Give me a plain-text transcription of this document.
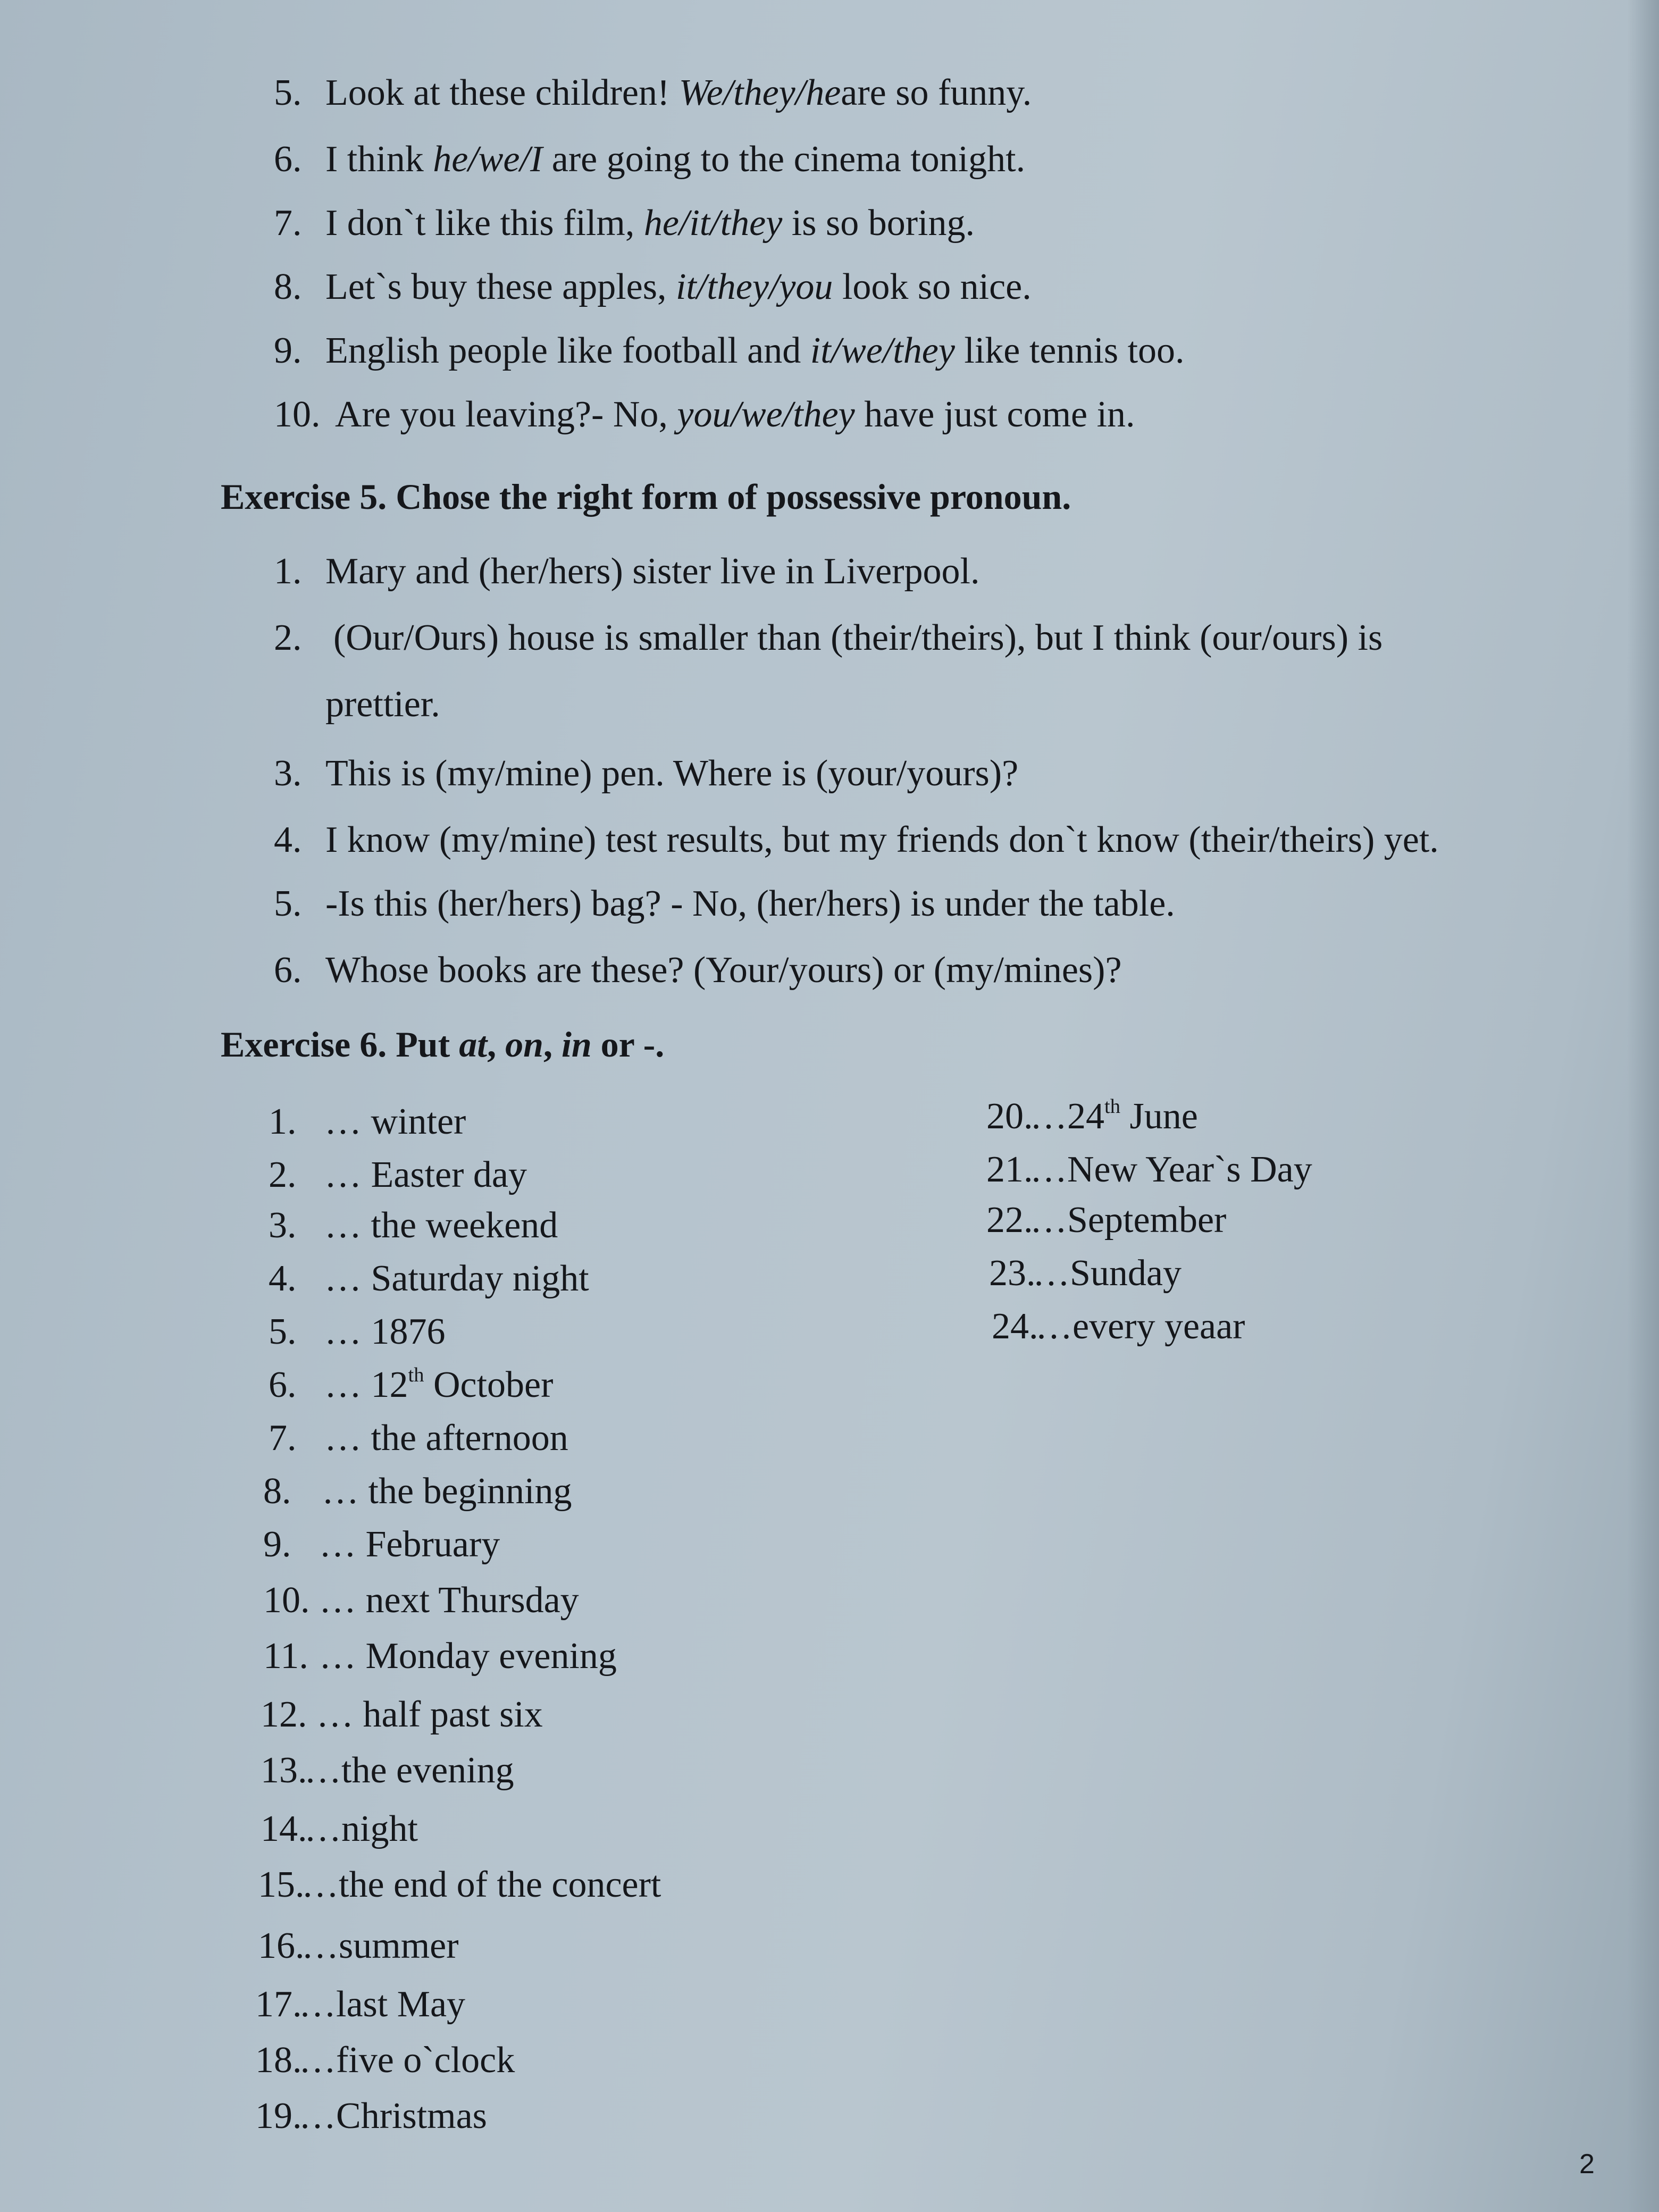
5. Look at these children! We/they/heare so funny.
6. I think he/we/I are going to the cinema tonight.
7. I don`t like this film, he/it/they is so boring.
8. Let`s buy these apples, it/they/you look so nice.
9. English people like football and it/we/they like tennis too.
10. Are you leaving?- No, you/we/they have just come in.
Exercise 5. Chose the right form of possessive pronoun.
1. Mary and (her/hers) sister live in Liverpool.
2. (Our/Ours) house is smaller than (their/theirs), but I think (our/ours) is
prettier.
3. This is (my/mine) pen. Where is (your/yours)?
4. I know (my/mine) test results, but my friends don`t know (their/theirs) yet.
5. -Is this (her/hers) bag? - No, (her/hers) is under the table.
6. Whose books are these? (Your/yours) or (my/mines)?
Exercise 6. Put at, on, in or -.
1. … winter
2. … Easter day
3. … the weekend
4. … Saturday night
5. … 1876
6. … 12th October
7. … the afternoon
8. … the beginning
9. … February
10. … next Thursday
11. … Monday evening
12. … half past six
13.…the evening
14.…night
15.…the end of the concert
16.…summer
17.…last May
18.…five o`clock
19.…Christmas
20.…24th June
21.…New Year`s Day
22.…September
23.…Sunday
24.…every yeaar
2
